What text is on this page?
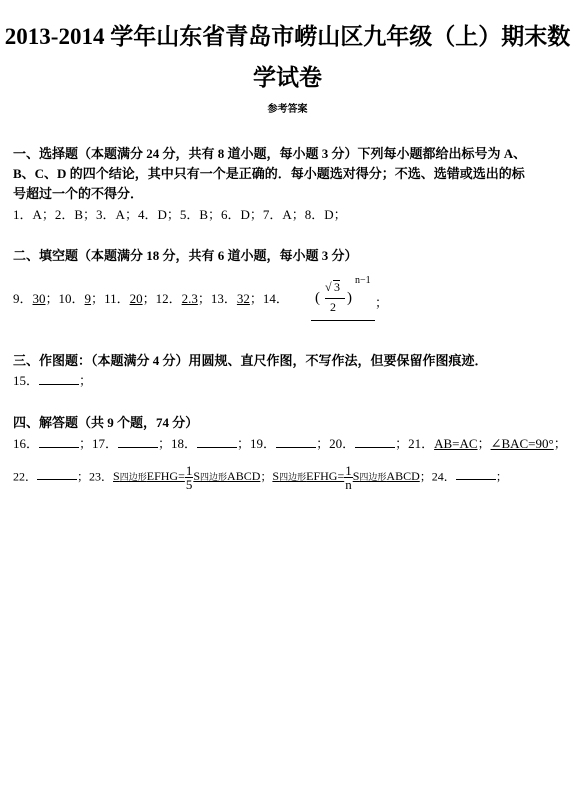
2013-2014 学年山东省青岛市崂山区九年级（上）期末数
学试卷
参考答案
一、选择题（本题满分 24 分，共有 8 道小题，每小题 3 分）下列每小题都给出标号为 A、
B、C、D 的四个结论，其中只有一个是正确的．每小题选对得分；不选、选错或选出的标
号超过一个的不得分．
1．A；2．B；3．A；4．D；5．B；6．D；7．A；8．D；
二、填空题（本题满分 18 分，共有 6 道小题，每小题 3 分）
9．30；10．9；11．20；12．2.3；13．32；14． (
√ 3
2
)
n−1
；
三、作图题：（本题满分 4 分）用圆规、直尺作图，不写作法，但要保留作图痕迹．
15．	；
四、解答题（共 9 个题，74 分）
16．	；17．	；18．	；19．	；20．	；21．AB=AC；∠BAC=90°；
22．	；23．S四边形EFHG= $\frac{1}{5}$ S四边形ABCD；S四边形EFHG= $\frac{1}{n}$ S四边形ABCD；24．	；
